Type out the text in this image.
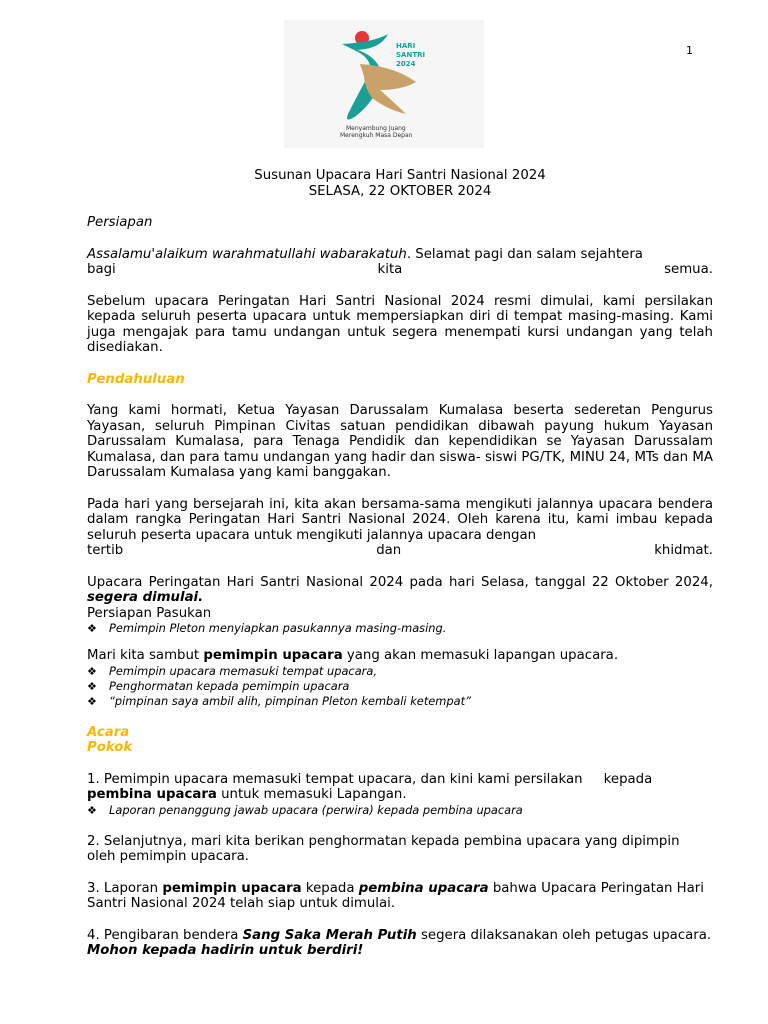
1
HARI
SANTRI
2024
Menyambung Juang
Merengkuh Masa Depan

Susunan Upacara Hari Santri Nasional 2024

SELASA, 22 OKTOBER 2024

Persiapan

Assalamu'alaikum warahmatullahi wabarakatuh. Selamat pagi dan salam sejahtera

bagi	kita	semua.

Sebelum upacara Peringatan Hari Santri Nasional 2024 resmi dimulai, kami persilakan kepada seluruh peserta upacara untuk mempersiapkan diri di tempat masing-masing. Kami juga mengajak para tamu undangan untuk segera menempati kursi undangan yang telah disediakan.

Pendahuluan

Yang kami hormati, Ketua Yayasan Darussalam Kumalasa beserta sederetan Pengurus Yayasan, seluruh Pimpinan Civitas satuan pendidikan dibawah payung hukum Yayasan Darussalam Kumalasa, para Tenaga Pendidik dan kependidikan se Yayasan Darussalam Kumalasa, dan para tamu undangan yang hadir dan siswa- siswi PG/TK, MINU 24, MTs dan MA Darussalam Kumalasa yang kami banggakan.

Pada hari yang bersejarah ini, kita akan bersama-sama mengikuti jalannya upacara bendera dalam rangka Peringatan Hari Santri Nasional 2024. Oleh karena itu, kami imbau kepada seluruh peserta upacara untuk mengikuti jalannya upacara dengan

tertib	dan	khidmat.

Upacara Peringatan Hari Santri Nasional 2024 pada hari Selasa, tanggal 22 Oktober 2024, segera dimulai.

Persiapan Pasukan

❖	Pemimpin Pleton menyiapkan pasukannya masing-masing.

Mari kita sambut pemimpin upacara yang akan memasuki lapangan upacara.

❖	Pemimpin upacara memasuki tempat upacara,
❖	Penghormatan kepada pemimpin upacara
❖	“pimpinan saya ambil alih, pimpinan Pleton kembali ketempat”

Acara

Pokok

1. Pemimpin upacara memasuki tempat upacara, dan kini kami persilakan     kepada
pembina upacara untuk memasuki Lapangan.

❖	Laporan penanggung jawab upacara (perwira) kepada pembina upacara

2. Selanjutnya, mari kita berikan penghormatan kepada pembina upacara yang dipimpin    oleh pemimpin upacara.

3. Laporan pemimpin upacara kepada pembina upacara bahwa Upacara Peringatan Hari Santri Nasional 2024 telah siap untuk dimulai.

4. Pengibaran bendera Sang Saka Merah Putih segera dilaksanakan oleh petugas upacara. Mohon kepada hadirin untuk berdiri!
